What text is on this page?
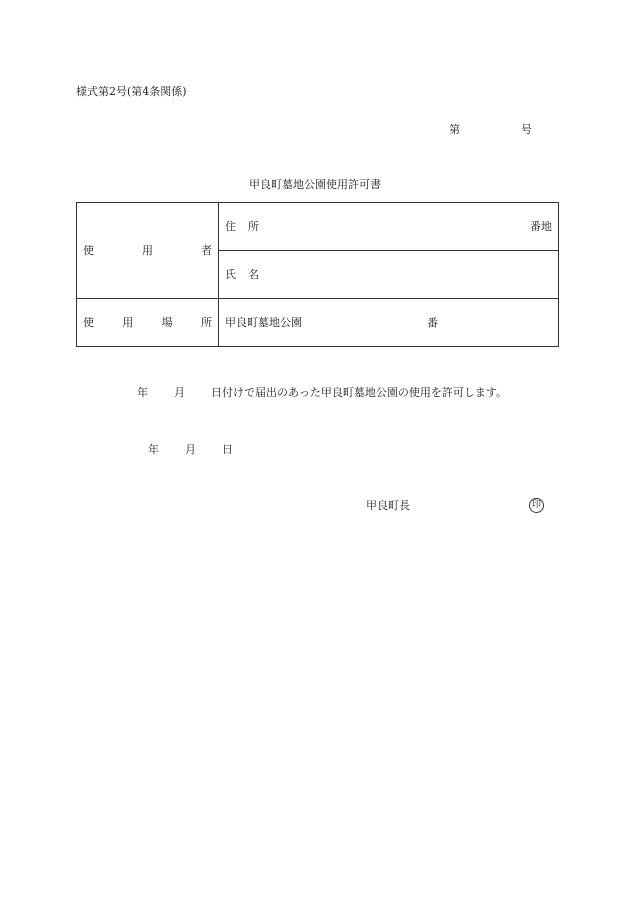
様式第2号(第4条関係)
第	号
甲良町墓地公園使用許可書
使 用 者	住 所 番地

	氏 名

使 用 場 所	甲良町墓地公園 番
年 月 日付けで届出のあった甲良町墓地公園の使用を許可します。
年 月 日
甲良町長	印
